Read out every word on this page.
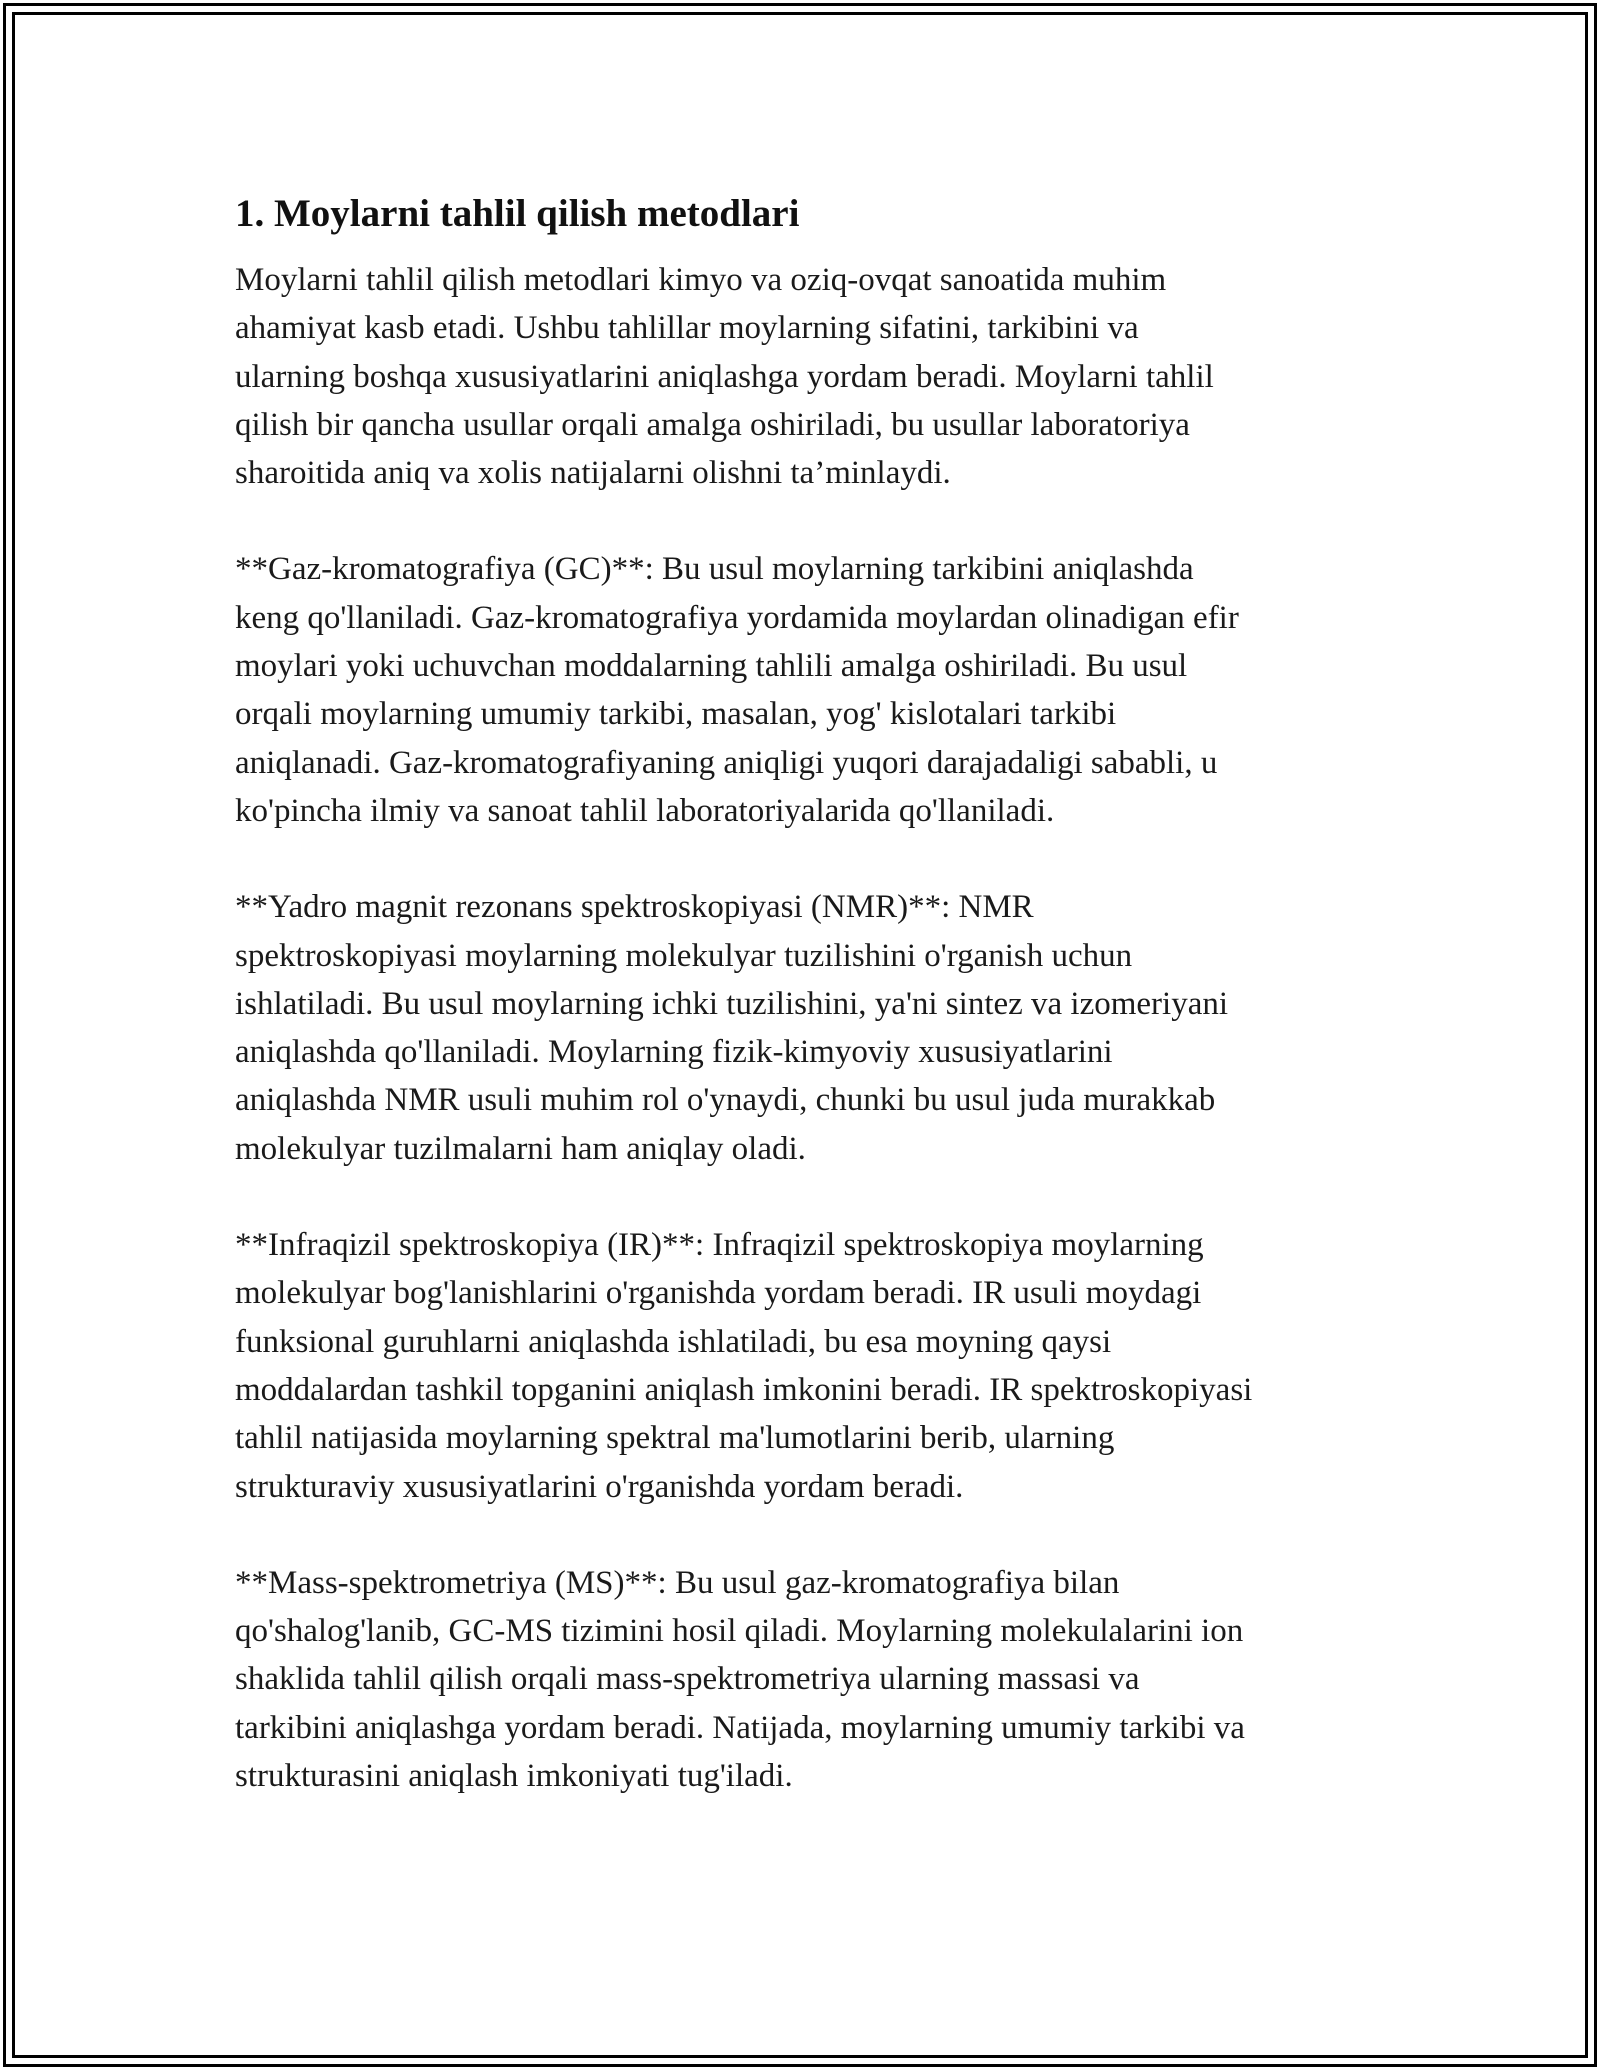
1. Moylarni tahlil qilish metodlari

Moylarni tahlil qilish metodlari kimyo va oziq-ovqat sanoatida muhim
ahamiyat kasb etadi. Ushbu tahlillar moylarning sifatini, tarkibini va
ularning boshqa xususiyatlarini aniqlashga yordam beradi. Moylarni tahlil
qilish bir qancha usullar orqali amalga oshiriladi, bu usullar laboratoriya
sharoitida aniq va xolis natijalarni olishni ta’minlaydi.

**Gaz-kromatografiya (GC)**: Bu usul moylarning tarkibini aniqlashda
keng qo'llaniladi. Gaz-kromatografiya yordamida moylardan olinadigan efir
moylari yoki uchuvchan moddalarning tahlili amalga oshiriladi. Bu usul
orqali moylarning umumiy tarkibi, masalan, yog' kislotalari tarkibi
aniqlanadi. Gaz-kromatografiyaning aniqligi yuqori darajadaligi sababli, u
ko'pincha ilmiy va sanoat tahlil laboratoriyalarida qo'llaniladi.

**Yadro magnit rezonans spektroskopiyasi (NMR)**: NMR
spektroskopiyasi moylarning molekulyar tuzilishini o'rganish uchun
ishlatiladi. Bu usul moylarning ichki tuzilishini, ya'ni sintez va izomeriyani
aniqlashda qo'llaniladi. Moylarning fizik-kimyoviy xususiyatlarini
aniqlashda NMR usuli muhim rol o'ynaydi, chunki bu usul juda murakkab
molekulyar tuzilmalarni ham aniqlay oladi.

**Infraqizil spektroskopiya (IR)**: Infraqizil spektroskopiya moylarning
molekulyar bog'lanishlarini o'rganishda yordam beradi. IR usuli moydagi
funksional guruhlarni aniqlashda ishlatiladi, bu esa moyning qaysi
moddalardan tashkil topganini aniqlash imkonini beradi. IR spektroskopiyasi
tahlil natijasida moylarning spektral ma'lumotlarini berib, ularning
strukturaviy xususiyatlarini o'rganishda yordam beradi.

**Mass-spektrometriya (MS)**: Bu usul gaz-kromatografiya bilan
qo'shalog'lanib, GC-MS tizimini hosil qiladi. Moylarning molekulalarini ion
shaklida tahlil qilish orqali mass-spektrometriya ularning massasi va
tarkibini aniqlashga yordam beradi. Natijada, moylarning umumiy tarkibi va
strukturasini aniqlash imkoniyati tug'iladi.
